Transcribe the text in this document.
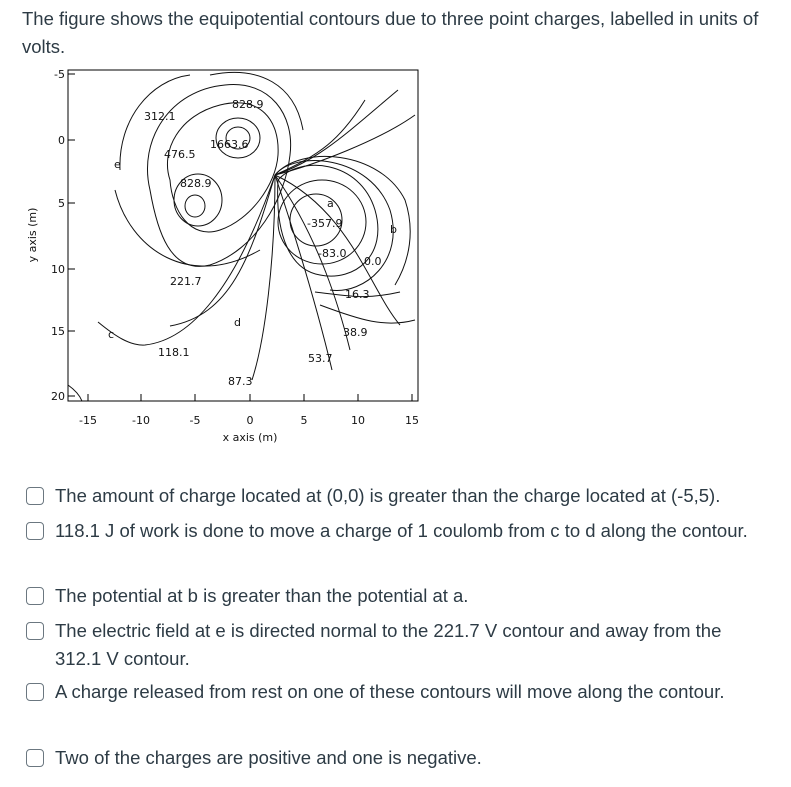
The figure shows the equipotential contours due to three point charges, labelled in units of volts.

828.9
312.1
1663.6
476.5
828.9
-357.9
-83.0
0.0
16.3
221.7
38.9
118.1	53.7
87.3
e
a
b
c
d
-15	-10	-5	0	5	10	15
x axis (m)
-5
0
5
10
15
20
y axis (m)
The amount of charge located at (0,0) is greater than the charge located at (-5,5).
118.1 J of work is done to move a charge of 1 coulomb from c to d along the contour.
The potential at b is greater than the potential at a.
The electric field at e is directed normal to the 221.7 V contour and away from the 312.1 V contour.
A charge released from rest on one of these contours will move along the contour.
Two of the charges are positive and one is negative.
